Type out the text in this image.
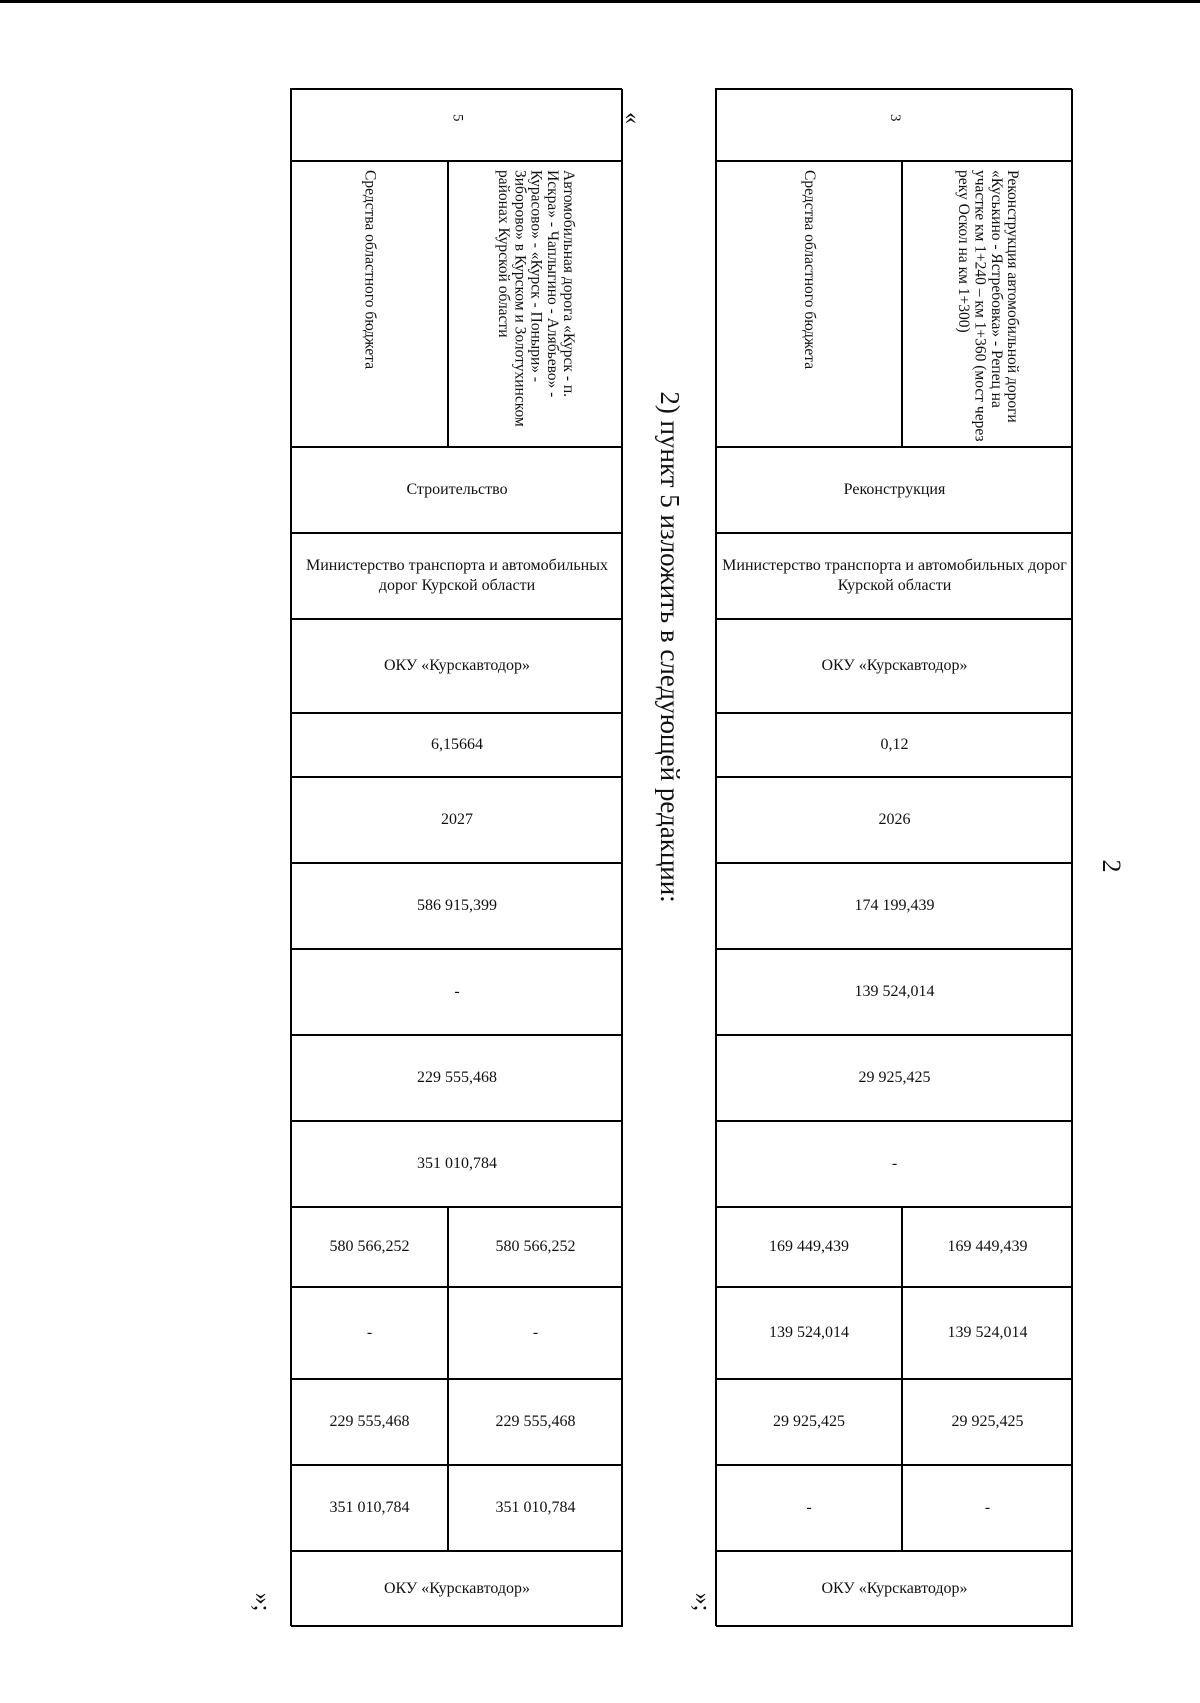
2
2) пункт 5 изложить в следующей редакции:
«
»;
»;
3
Средства областного бюджета	Реконструкция автомобильной дороги «Куськино - Ястребовка» - Репец на участке км 1+240 – км 1+360 (мост через реку Оскол на км 1+300)
Реконструкция
Министерство транспорта и автомобильных дорог Курской области
ОКУ «Курскавтодор»
0,12
2026
174 199,439
139 524,014
29 925,425
-
169 449,439	169 449,439
139 524,014	139 524,014
29 925,425	29 925,425
-	-
ОКУ «Курскавтодор»
5
Средства областного бюджета	Автомобильная дорога «Курск - п. Искра» - Чаплыгино - Алябьево» - Курасово» - «Курск - Поныри» - Зиборово» в Курском и Золотухинском районах Курской области
Строительство
Министерство транспорта и автомобильных дорог Курской области
ОКУ «Курскавтодор»
6,15664
2027
586 915,399
-
229 555,468
351 010,784
580 566,252	580 566,252
-	-
229 555,468	229 555,468
351 010,784	351 010,784
ОКУ «Курскавтодор»
